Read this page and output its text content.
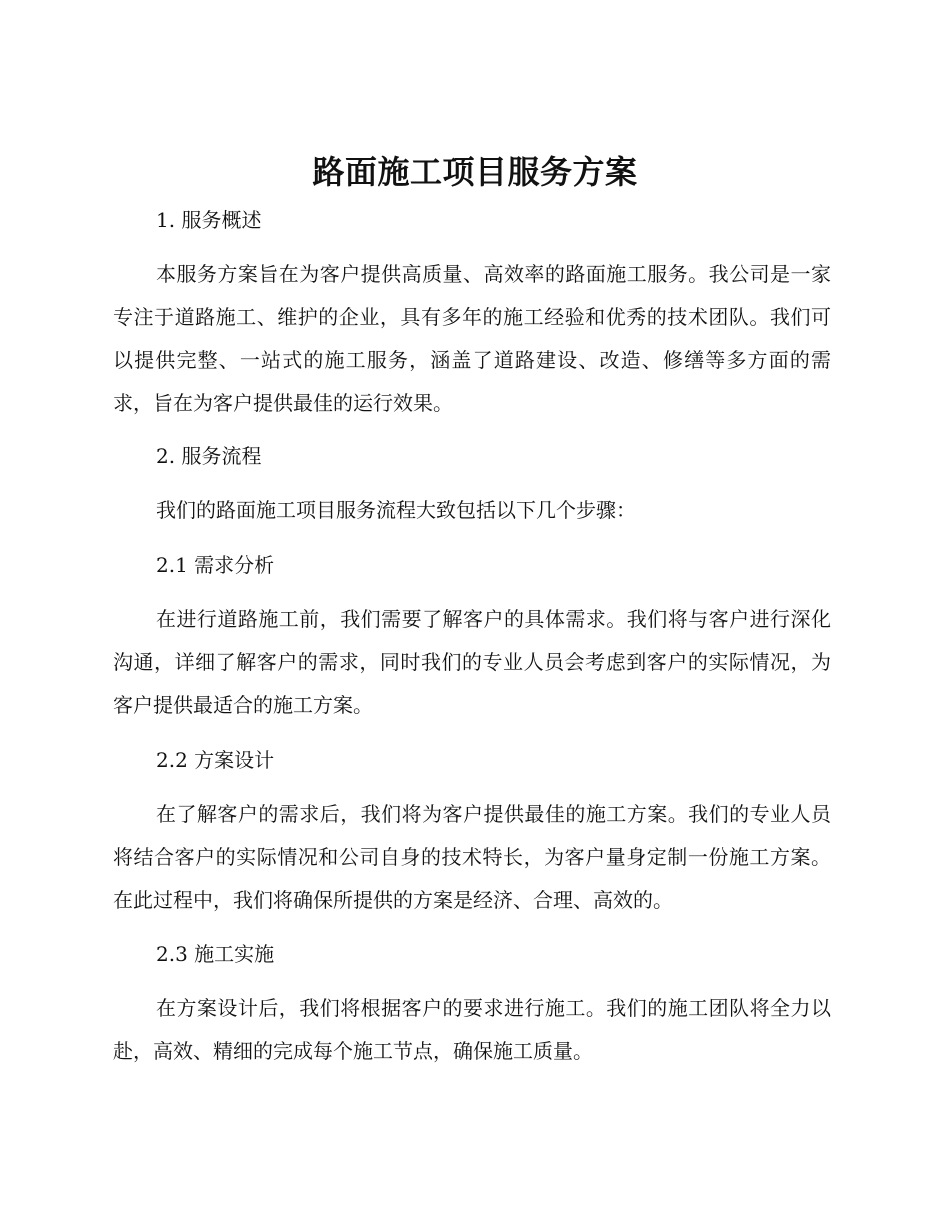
路面施工项目服务方案
1. 服务概述

本服务方案旨在为客户提供高质量、高效率的路面施工服务。我公司是一家专注于道路施工、维护的企业，具有多年的施工经验和优秀的技术团队。我们可以提供完整、一站式的施工服务，涵盖了道路建设、改造、修缮等多方面的需求，旨在为客户提供最佳的运行效果。

2. 服务流程

我们的路面施工项目服务流程大致包括以下几个步骤：

2.1 需求分析

在进行道路施工前，我们需要了解客户的具体需求。我们将与客户进行深化沟通，详细了解客户的需求，同时我们的专业人员会考虑到客户的实际情况，为客户提供最适合的施工方案。

2.2 方案设计

在了解客户的需求后，我们将为客户提供最佳的施工方案。我们的专业人员将结合客户的实际情况和公司自身的技术特长，为客户量身定制一份施工方案。在此过程中，我们将确保所提供的方案是经济、合理、高效的。

2.3 施工实施

在方案设计后，我们将根据客户的要求进行施工。我们的施工团队将全力以赴，高效、精细的完成每个施工节点，确保施工质量。
